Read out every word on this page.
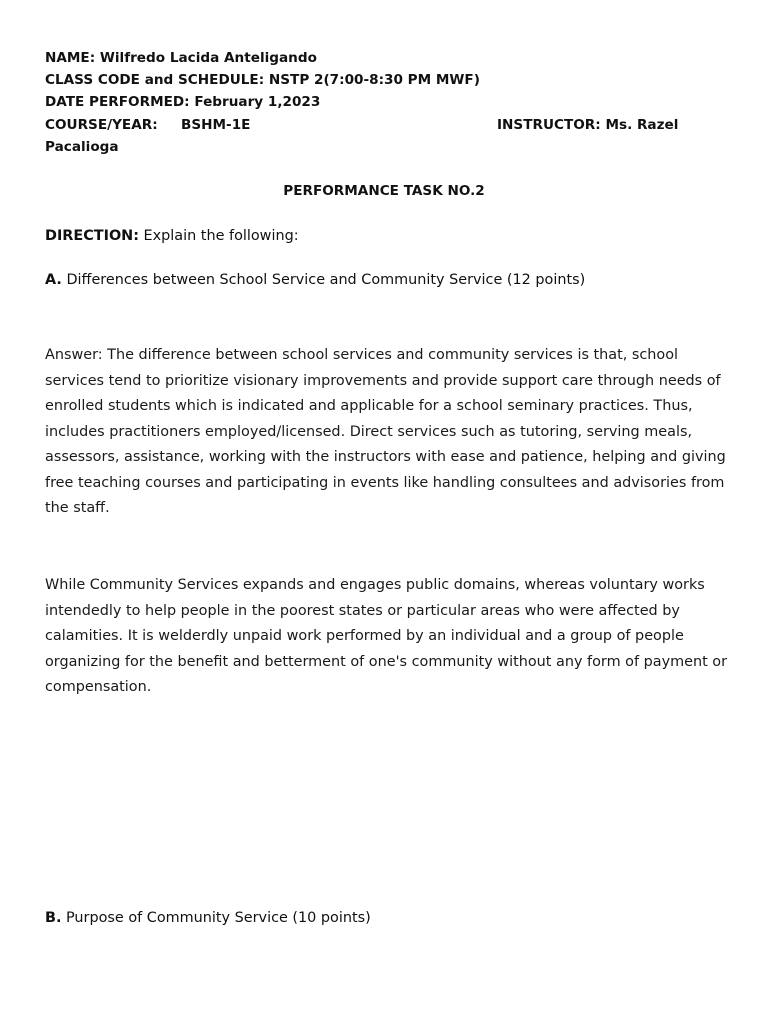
NAME: Wilfredo Lacida Anteligando
CLASS CODE and SCHEDULE: NSTP 2(7:00-8:30 PM MWF)
DATE PERFORMED: February 1,2023
COURSE/YEAR: BSHM-1E	INSTRUCTOR: Ms. Razel
Pacalioga
PERFORMANCE TASK NO.2
DIRECTION: Explain the following:
A. Differences between School Service and Community Service (12 points)
Answer: The difference between school services and community services is that, school services tend to prioritize visionary improvements and provide support care through needs of enrolled students which is indicated and applicable for a school seminary practices. Thus, includes practitioners employed/licensed. Direct services such as tutoring, serving meals, assessors, assistance, working with the instructors with ease and patience, helping and giving free teaching courses and participating in events like handling consultees and advisories from the staff.
While Community Services expands and engages public domains, whereas voluntary works intendedly to help people in the poorest states or particular areas who were affected by calamities. It is welderdly unpaid work performed by an individual and a group of people organizing for the benefit and betterment of one's community without any form of payment or compensation.
B. Purpose of Community Service (10 points)
